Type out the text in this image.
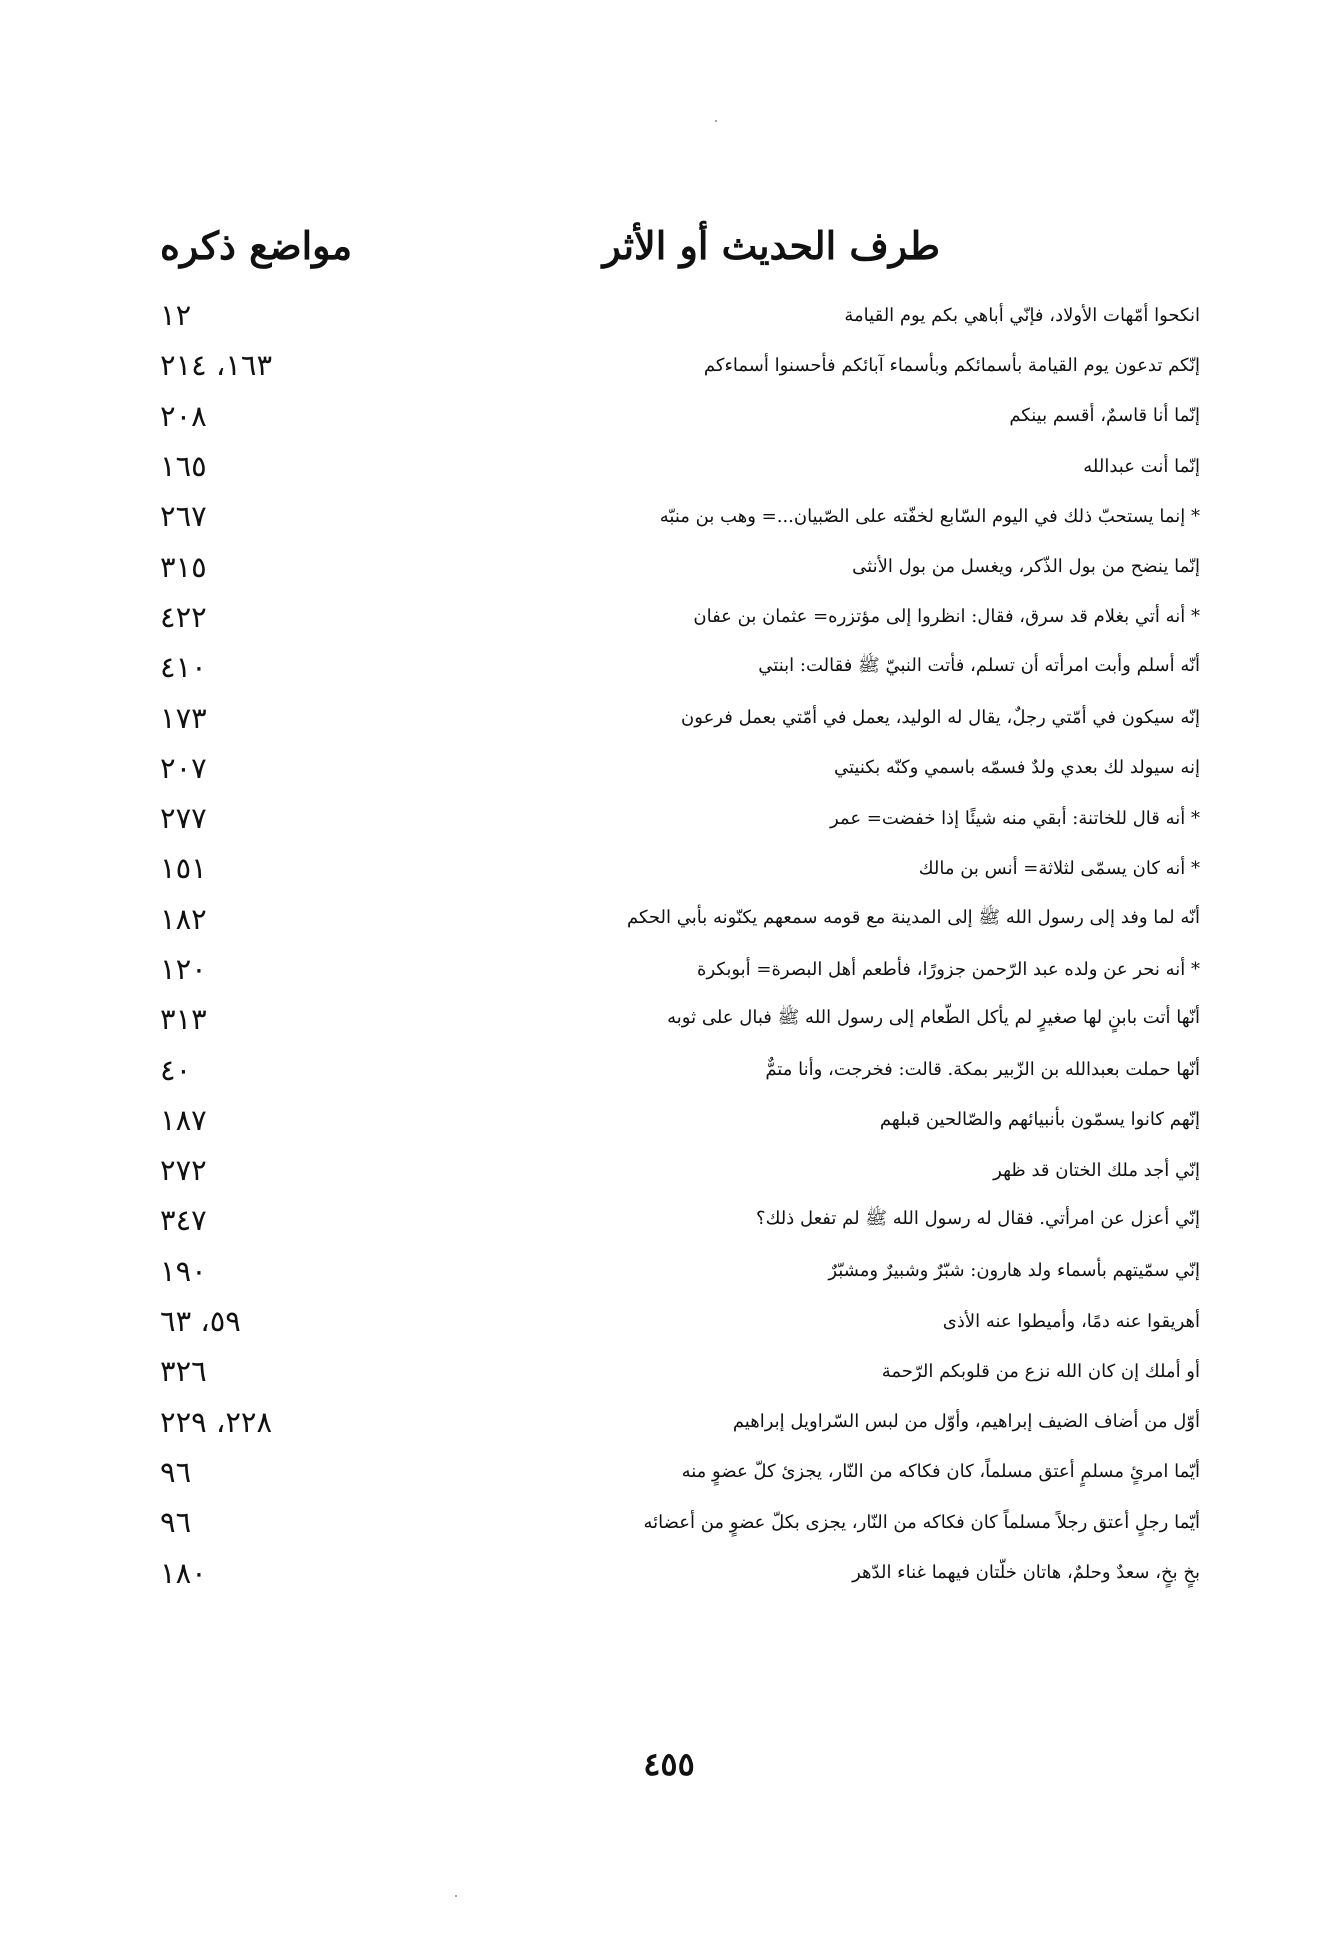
طرف الحديث أو الأثر
مواضع ذكره
انكحوا أمّهات الأولاد، فإنّي أباهي بكم يوم القيامة
١٢
إنّكم تدعون يوم القيامة بأسمائكم وبأسماء آبائكم فأحسنوا أسماءكم
١٦٣، ٢١٤
إنّما أنا قاسمٌ، أقسم بينكم
٢٠٨
إنّما أنت عبدالله
١٦٥
* إنما يستحبّ ذلك في اليوم السّابع لخفّته على الصّبيان...= وهب بن منبّه
٢٦٧
إنّما ينضح من بول الذّكر، ويغسل من بول الأنثى
٣١٥
* أنه أتي بغلام قد سرق، فقال: انظروا إلى مؤتزره= عثمان بن عفان
٤٢٢
أنّه أسلم وأبت امرأته أن تسلم، فأتت النبيّ ﷺ فقالت: ابنتي
٤١٠
إنّه سيكون في أمّتي رجلٌ، يقال له الوليد، يعمل في أمّتي بعمل فرعون
١٧٣
إنه سيولد لك بعدي ولدٌ فسمّه باسمي وكنّه بكنيتي
٢٠٧
* أنه قال للخاتنة: أبقي منه شيئًا إذا خفضت= عمر
٢٧٧
* أنه كان يسمّى لثلاثة= أنس بن مالك
١٥١
أنّه لما وفد إلى رسول الله ﷺ إلى المدينة مع قومه سمعهم يكنّونه بأبي الحكم
١٨٢
* أنه نحر عن ولده عبد الرّحمن جزورًا، فأطعم أهل البصرة= أبوبكرة
١٢٠
أنّها أتت بابنٍ لها صغيرٍ لم يأكل الطّعام إلى رسول الله ﷺ فبال على ثوبه
٣١٣
أنّها حملت بعبدالله بن الزّبير بمكة. قالت: فخرجت، وأنا متمٌّ
٤٠
إنّهم كانوا يسمّون بأنبيائهم والصّالحين قبلهم
١٨٧
إنّي أجد ملك الختان قد ظهر
٢٧٢
إنّي أعزل عن امرأتي. فقال له رسول الله ﷺ لم تفعل ذلك؟
٣٤٧
إنّي سمّيتهم بأسماء ولد هارون: شبّرٌ وشبيرٌ ومشبّرٌ
١٩٠
أهريقوا عنه دمًا، وأميطوا عنه الأذى
٥٩، ٦٣
أو أملك إن كان الله نزع من قلوبكم الرّحمة
٣٢٦
أوّل من أضاف الضيف إبراهيم، وأوّل من لبس السّراويل إبراهيم
٢٢٨، ٢٢٩
أيّما امرئٍ مسلمٍ أعتق مسلماً، كان فكاكه من النّار، يجزئ كلّ عضوٍ منه
٩٦
أيّما رجلٍ أعتق رجلاً مسلماً كان فكاكه من النّار، يجزى بكلّ عضوٍ من أعضائه
٩٦
بخٍ بخٍ، سعدٌ وحلمٌ، هاتان خلّتان فيهما غناء الدّهر
١٨٠
٤٥٥
